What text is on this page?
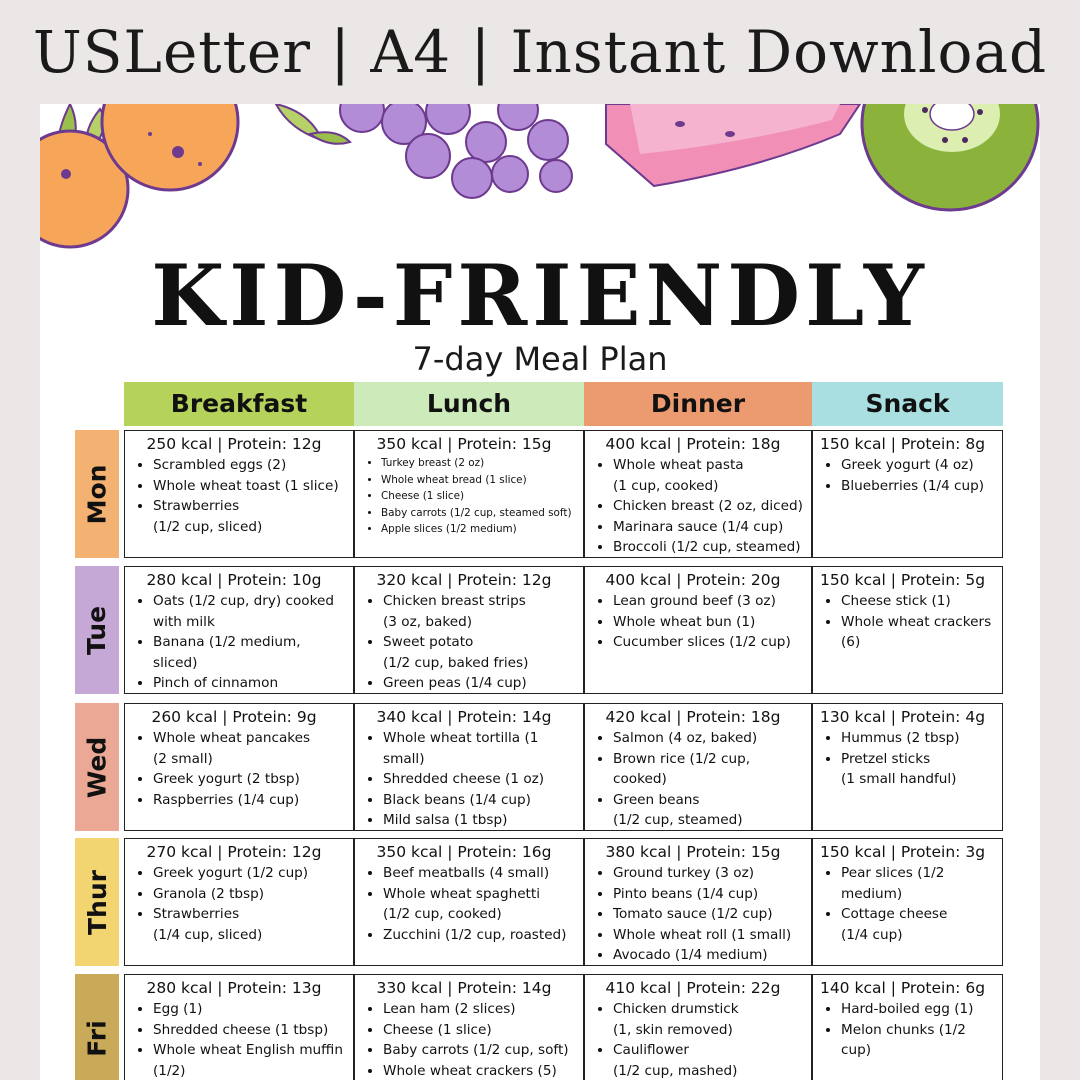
USLetter | A4 | Instant Download
KID-FRIENDLY
7-day Meal Plan
Breakfast	Lunch	Dinner	Snack
Mon
250 kcal | Protein: 12g
• Scrambled eggs (2)
• Whole wheat toast (1 slice)
• Strawberries
(1/2 cup, sliced)
350 kcal | Protein: 15g
• Turkey breast (2 oz)
• Whole wheat bread (1 slice)
• Cheese (1 slice)
• Baby carrots (1/2 cup, steamed soft)
• Apple slices (1/2 medium)
400 kcal | Protein: 18g
• Whole wheat pasta
(1 cup, cooked)
• Chicken breast (2 oz, diced)
• Marinara sauce (1/4 cup)
• Broccoli (1/2 cup, steamed)
150 kcal | Protein: 8g
• Greek yogurt (4 oz)
• Blueberries (1/4 cup)
Tue
280 kcal | Protein: 10g
• Oats (1/2 cup, dry) cooked
with milk
• Banana (1/2 medium, sliced)
• Pinch of cinnamon
320 kcal | Protein: 12g
• Chicken breast strips
(3 oz, baked)
• Sweet potato
(1/2 cup, baked fries)
• Green peas (1/4 cup)
400 kcal | Protein: 20g
• Lean ground beef (3 oz)
• Whole wheat bun (1)
• Cucumber slices (1/2 cup)
150 kcal | Protein: 5g
• Cheese stick (1)
• Whole wheat crackers
(6)
Wed
260 kcal | Protein: 9g
• Whole wheat pancakes
(2 small)
• Greek yogurt (2 tbsp)
• Raspberries (1/4 cup)
340 kcal | Protein: 14g
• Whole wheat tortilla (1 small)
• Shredded cheese (1 oz)
• Black beans (1/4 cup)
• Mild salsa (1 tbsp)
420 kcal | Protein: 18g
• Salmon (4 oz, baked)
• Brown rice (1/2 cup, cooked)
• Green beans
(1/2 cup, steamed)
130 kcal | Protein: 4g
• Hummus (2 tbsp)
• Pretzel sticks
(1 small handful)
Thur
270 kcal | Protein: 12g
• Greek yogurt (1/2 cup)
• Granola (2 tbsp)
• Strawberries
(1/4 cup, sliced)
350 kcal | Protein: 16g
• Beef meatballs (4 small)
• Whole wheat spaghetti
(1/2 cup, cooked)
• Zucchini (1/2 cup, roasted)
380 kcal | Protein: 15g
• Ground turkey (3 oz)
• Pinto beans (1/4 cup)
• Tomato sauce (1/2 cup)
• Whole wheat roll (1 small)
• Avocado (1/4 medium)
150 kcal | Protein: 3g
• Pear slices (1/2 medium)
• Cottage cheese
(1/4 cup)
Fri
280 kcal | Protein: 13g
• Egg (1)
• Shredded cheese (1 tbsp)
• Whole wheat English muffin
(1/2)
330 kcal | Protein: 14g
• Lean ham (2 slices)
• Cheese (1 slice)
• Baby carrots (1/2 cup, soft)
• Whole wheat crackers (5)
410 kcal | Protein: 22g
• Chicken drumstick
(1, skin removed)
• Cauliflower
(1/2 cup, mashed)
140 kcal | Protein: 6g
• Hard-boiled egg (1)
• Melon chunks (1/2 cup)
